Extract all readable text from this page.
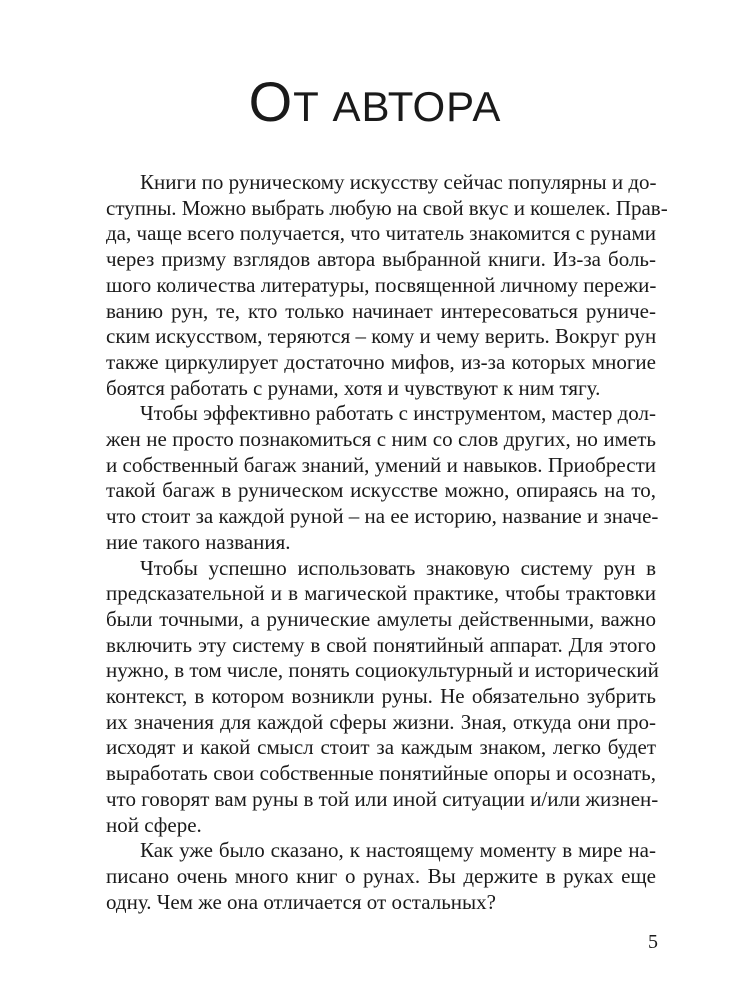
ОТ АВТОРА
Книги по руническому искусству сейчас популярны и до-
ступны. Можно выбрать любую на свой вкус и кошелек. Прав-
да, чаще всего получается, что читатель знакомится с рунами
через призму взглядов автора выбранной книги. Из-за боль-
шого количества литературы, посвященной личному пережи-
ванию рун, те, кто только начинает интересоваться руниче-
ским искусством, теряются – кому и чему верить. Вокруг рун
также циркулирует достаточно мифов, из-за которых многие
боятся работать с рунами, хотя и чувствуют к ним тягу.
Чтобы эффективно работать с инструментом, мастер дол-
жен не просто познакомиться с ним со слов других, но иметь
и собственный багаж знаний, умений и навыков. Приобрести
такой багаж в руническом искусстве можно, опираясь на то,
что стоит за каждой руной – на ее историю, название и значе-
ние такого названия.
Чтобы успешно использовать знаковую систему рун в
предсказательной и в магической практике, чтобы трактовки
были точными, а рунические амулеты действенными, важно
включить эту систему в свой понятийный аппарат. Для этого
нужно, в том числе, понять социокультурный и исторический
контекст, в котором возникли руны. Не обязательно зубрить
их значения для каждой сферы жизни. Зная, откуда они про-
исходят и какой смысл стоит за каждым знаком, легко будет
выработать свои собственные понятийные опоры и осознать,
что говорят вам руны в той или иной ситуации и/или жизнен-
ной сфере.
Как уже было сказано, к настоящему моменту в мире на-
писано очень много книг о рунах. Вы держите в руках еще
одну. Чем же она отличается от остальных?
5
